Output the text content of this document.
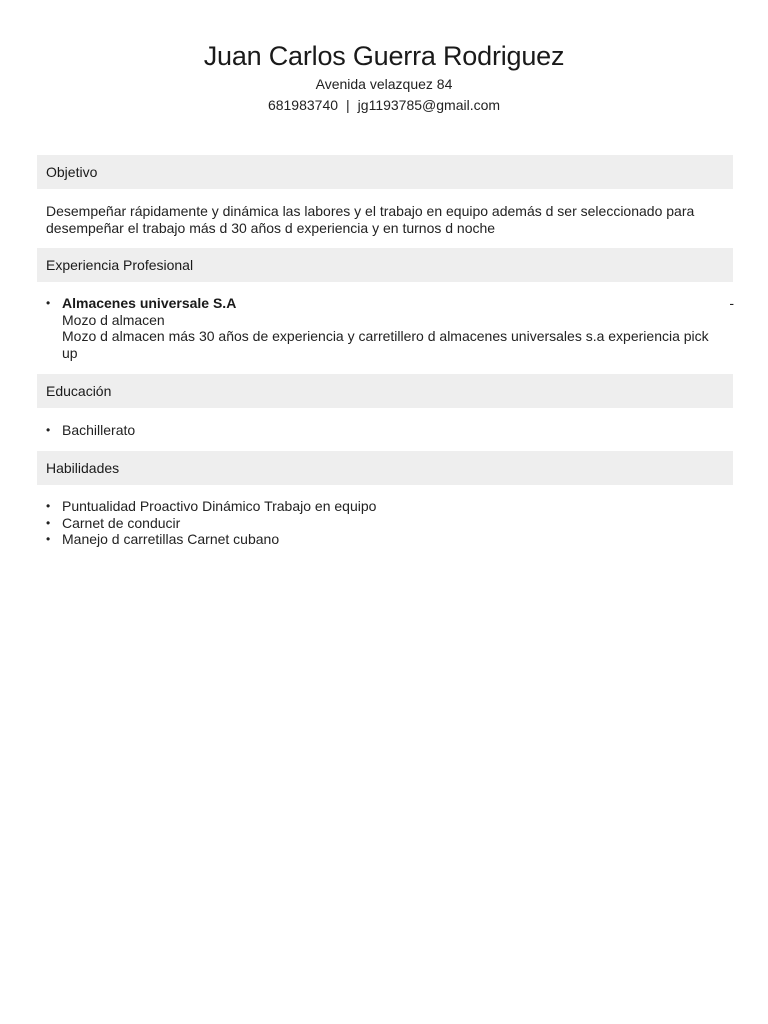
Juan Carlos Guerra Rodriguez
Avenida velazquez 84
681983740 | jg1193785@gmail.com
Objetivo
Desempeñar rápidamente y dinámica las labores y el trabajo en equipo además d ser seleccionado para desempeñar el trabajo más d 30 años d experiencia y en turnos d noche
Experiencia Profesional
• Almacenes universale S.A	-
Mozo d almacen
Mozo d almacen más 30 años de experiencia y carretillero d almacenes universales s.a experiencia pick up
Educación
• Bachillerato
Habilidades
• Puntualidad Proactivo Dinámico Trabajo en equipo
• Carnet de conducir
• Manejo d carretillas Carnet cubano
